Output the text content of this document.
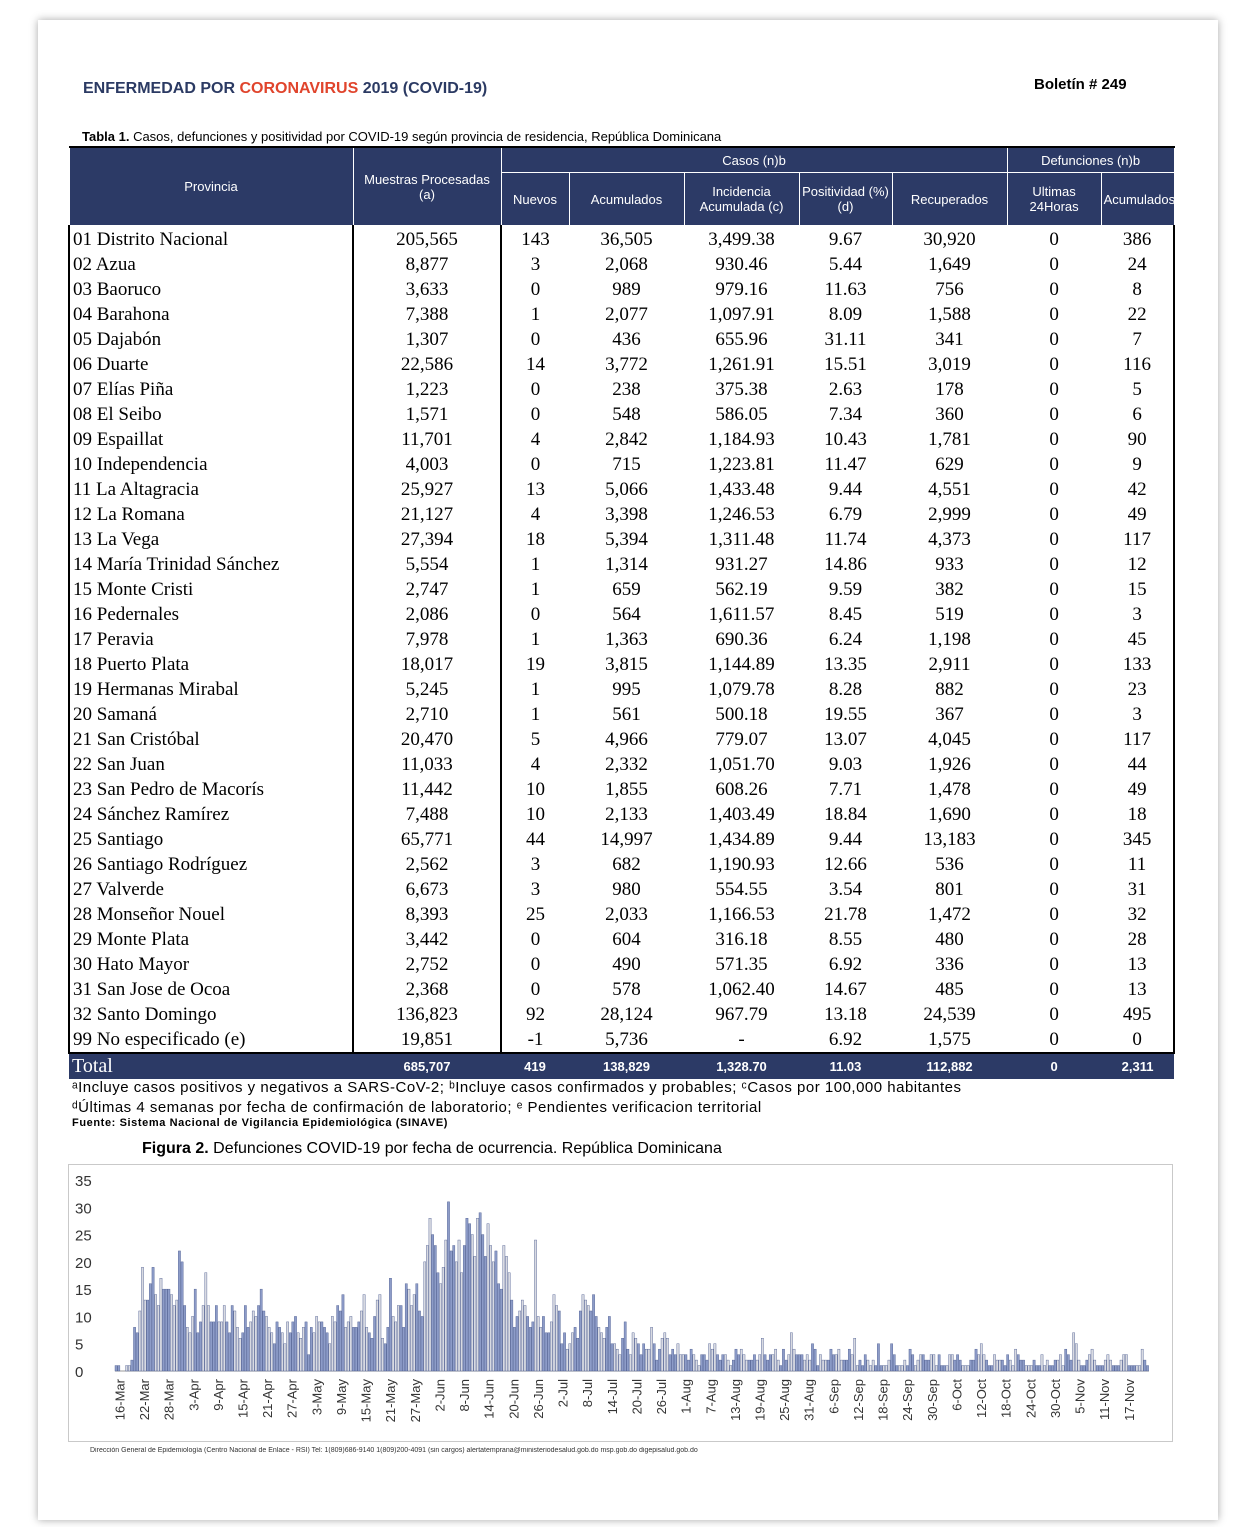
ENFERMEDAD POR CORONAVIRUS 2019 (COVID-19)	Boletín # 249
Tabla 1. Casos, defunciones y positividad por COVID-19 según provincia de residencia, República Dominicana
Provincia	Muestras Procesadas (a)	Casos (n)b					Defunciones (n)b	
		Nuevos	Acumulados	Incidencia Acumulada (c)	Positividad (%) (d)	Recuperados	Ultimas 24Horas	Acumulados
01 Distrito Nacional	205,565	143	36,505	3,499.38	9.67	30,920	0	386
02 Azua	8,877	3	2,068	930.46	5.44	1,649	0	24
03 Baoruco	3,633	0	989	979.16	11.63	756	0	8
04 Barahona	7,388	1	2,077	1,097.91	8.09	1,588	0	22
05 Dajabón	1,307	0	436	655.96	31.11	341	0	7
06 Duarte	22,586	14	3,772	1,261.91	15.51	3,019	0	116
07 Elías Piña	1,223	0	238	375.38	2.63	178	0	5
08 El Seibo	1,571	0	548	586.05	7.34	360	0	6
09 Espaillat	11,701	4	2,842	1,184.93	10.43	1,781	0	90
10 Independencia	4,003	0	715	1,223.81	11.47	629	0	9
11 La Altagracia	25,927	13	5,066	1,433.48	9.44	4,551	0	42
12 La Romana	21,127	4	3,398	1,246.53	6.79	2,999	0	49
13 La Vega	27,394	18	5,394	1,311.48	11.74	4,373	0	117
14 María Trinidad Sánchez	5,554	1	1,314	931.27	14.86	933	0	12
15 Monte Cristi	2,747	1	659	562.19	9.59	382	0	15
16 Pedernales	2,086	0	564	1,611.57	8.45	519	0	3
17 Peravia	7,978	1	1,363	690.36	6.24	1,198	0	45
18 Puerto Plata	18,017	19	3,815	1,144.89	13.35	2,911	0	133
19 Hermanas Mirabal	5,245	1	995	1,079.78	8.28	882	0	23
20 Samaná	2,710	1	561	500.18	19.55	367	0	3
21 San Cristóbal	20,470	5	4,966	779.07	13.07	4,045	0	117
22 San Juan	11,033	4	2,332	1,051.70	9.03	1,926	0	44
23 San Pedro de Macorís	11,442	10	1,855	608.26	7.71	1,478	0	49
24 Sánchez Ramírez	7,488	10	2,133	1,403.49	18.84	1,690	0	18
25 Santiago	65,771	44	14,997	1,434.89	9.44	13,183	0	345
26 Santiago Rodríguez	2,562	3	682	1,190.93	12.66	536	0	11
27 Valverde	6,673	3	980	554.55	3.54	801	0	31
28 Monseñor Nouel	8,393	25	2,033	1,166.53	21.78	1,472	0	32
29 Monte Plata	3,442	0	604	316.18	8.55	480	0	28
30 Hato Mayor	2,752	0	490	571.35	6.92	336	0	13
31 San Jose de Ocoa	2,368	0	578	1,062.40	14.67	485	0	13
32 Santo Domingo	136,823	92	28,124	967.79	13.18	24,539	0	495
99 No especificado (e)	19,851	-1	5,736	-	6.92	1,575	0	0
Total	685,707	419	138,829	1,328.70	11.03	112,882	0	2,311
ᵃIncluye casos positivos y negativos a SARS-CoV-2; ᵇIncluye casos confirmados y probables; ᶜCasos por 100,000 habitantes
ᵈÚltimas 4 semanas por fecha de confirmación de laboratorio; ᵉ Pendientes verificacion territorial
Fuente: Sistema Nacional de Vigilancia Epidemiológica (SINAVE)
Figura 2. Defunciones COVID-19 por fecha de ocurrencia. República Dominicana
0
5
10
15
20
25
30
35
16-Mar 22-Mar 28-Mar 3-Apr 9-Apr 15-Apr 21-Apr 27-Apr 3-May 9-May 15-May 21-May 27-May 2-Jun 8-Jun 14-Jun 20-Jun 26-Jun 2-Jul 8-Jul 14-Jul 20-Jul 26-Jul 1-Aug 7-Aug 13-Aug 19-Aug 25-Aug 31-Aug 6-Sep 12-Sep 18-Sep 24-Sep 30-Sep 6-Oct 12-Oct 18-Oct 24-Oct 30-Oct 5-Nov 11-Nov 17-Nov
Dirección General de Epidemiología (Centro Nacional de Enlace - RSI) Tel: 1(809)686-9140 1(809)200-4091 (sin cargos) alertatemprana@ministeriodesalud.gob.do msp.gob.do digepisalud.gob.do
